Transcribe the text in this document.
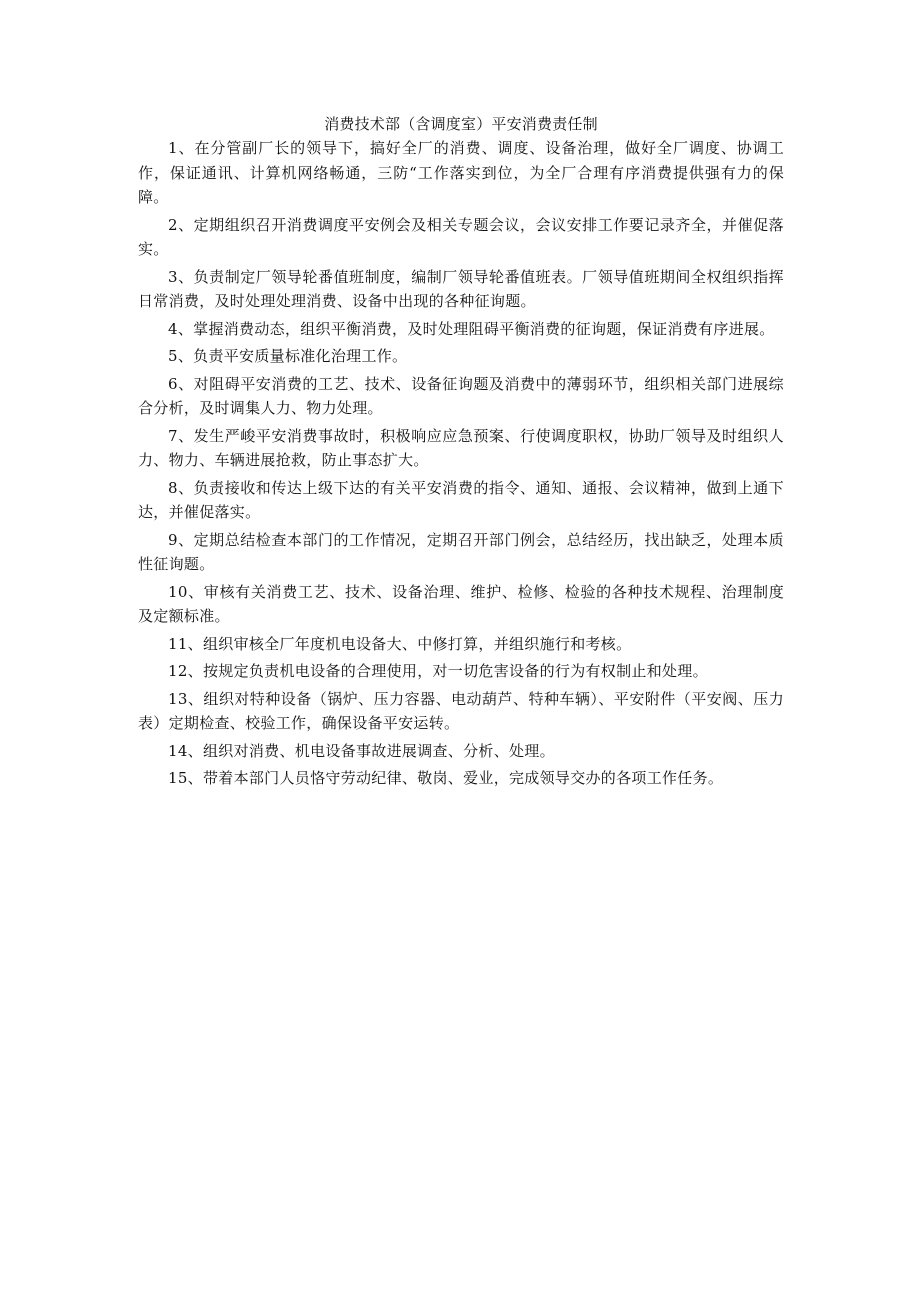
消费技术部（含调度室）平安消费责任制

1、在分管副厂长的领导下，搞好全厂的消费、调度、设备治理，做好全厂调度、协调工作，保证通讯、计算机网络畅通，三防“工作落实到位，为全厂合理有序消费提供强有力的保障。

2、定期组织召开消费调度平安例会及相关专题会议，会议安排工作要记录齐全，并催促落实。

3、负责制定厂领导轮番值班制度，编制厂领导轮番值班表。厂领导值班期间全权组织指挥日常消费，及时处理处理消费、设备中出现的各种征询题。

4、掌握消费动态，组织平衡消费，及时处理阻碍平衡消费的征询题，保证消费有序进展。

5、负责平安质量标准化治理工作。

6、对阻碍平安消费的工艺、技术、设备征询题及消费中的薄弱环节，组织相关部门进展综合分析，及时调集人力、物力处理。

7、发生严峻平安消费事故时，积极响应应急预案、行使调度职权，协助厂领导及时组织人力、物力、车辆进展抢救，防止事态扩大。

8、负责接收和传达上级下达的有关平安消费的指令、通知、通报、会议精神，做到上通下达，并催促落实。

9、定期总结检查本部门的工作情况，定期召开部门例会，总结经历，找出缺乏，处理本质性征询题。

10、审核有关消费工艺、技术、设备治理、维护、检修、检验的各种技术规程、治理制度及定额标准。

11、组织审核全厂年度机电设备大、中修打算，并组织施行和考核。

12、按规定负责机电设备的合理使用，对一切危害设备的行为有权制止和处理。

13、组织对特种设备（锅炉、压力容器、电动葫芦、特种车辆）、平安附件（平安阀、压力表）定期检查、校验工作，确保设备平安运转。

14、组织对消费、机电设备事故进展调查、分析、处理。

15、带着本部门人员恪守劳动纪律、敬岗、爱业，完成领导交办的各项工作任务。
